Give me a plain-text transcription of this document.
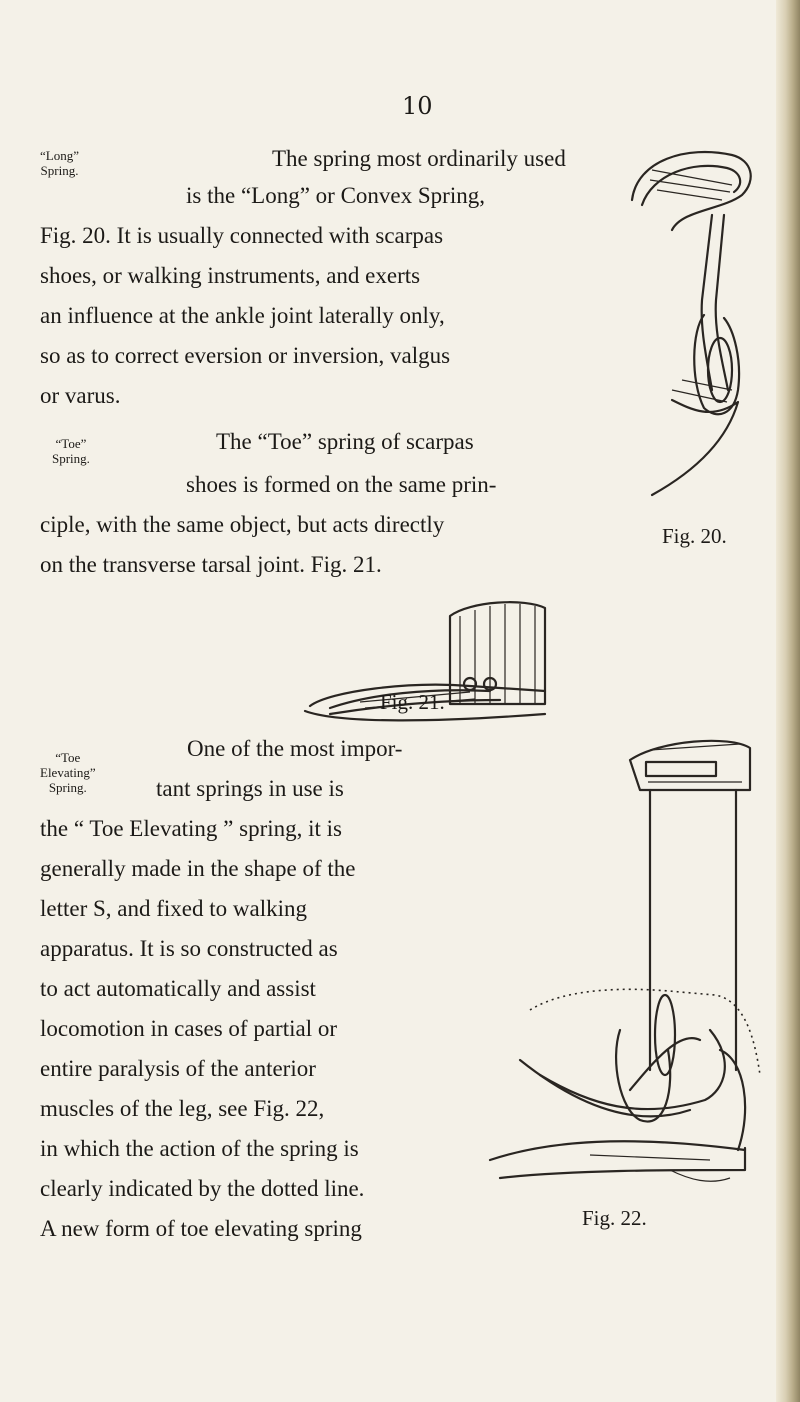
10
“Long”
Spring.
“Toe”
Spring.
“Toe
Elevating”
Spring.
The spring most ordinarily used
is the “Long” or Convex Spring,
Fig. 20. It is usually connected with scarpas
shoes, or walking instruments, and exerts
an influence at the ankle joint laterally only,
so as to correct eversion or inversion, valgus
or varus.
The “Toe” spring of scarpas
shoes is formed on the same prin-
ciple, with the same object, but acts directly
on the transverse tarsal joint. Fig. 21.
One of the most impor-
tant springs in use is
the “ Toe Elevating ” spring, it is
generally made in the shape of the
letter S, and fixed to walking
apparatus. It is so constructed as
to act automatically and assist
locomotion in cases of partial or
entire paralysis of the anterior
muscles of the leg, see Fig. 22,
in which the action of the spring is
clearly indicated by the dotted line.
A new form of toe elevating spring
Fig. 20.
Fig. 21.
Fig. 22.
